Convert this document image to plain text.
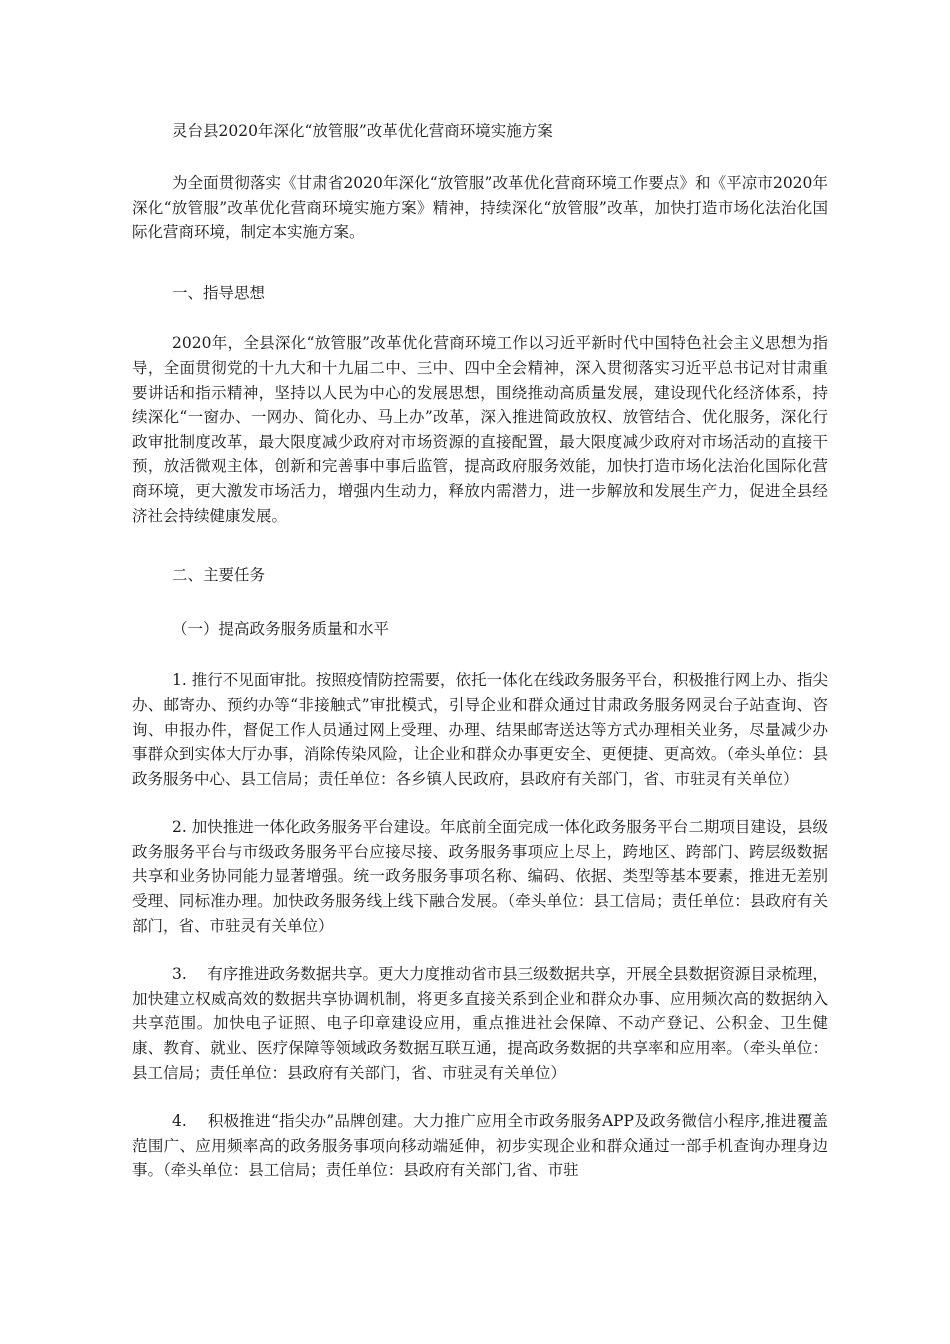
灵台县2020年深化“放管服”改革优化营商环境实施方案

为全面贯彻落实《甘肃省2020年深化“放管服”改革优化营商环境工作要点》和《平凉市2020年深化“放管服”改革优化营商环境实施方案》精神，持续深化“放管服”改革，加快打造市场化法治化国际化营商环境，制定本实施方案。

一、指导思想

2020年，全县深化“放管服”改革优化营商环境工作以习近平新时代中国特色社会主义思想为指导，全面贯彻党的十九大和十九届二中、三中、四中全会精神，深入贯彻落实习近平总书记对甘肃重要讲话和指示精神，坚持以人民为中心的发展思想，围绕推动高质量发展，建设现代化经济体系，持续深化“一窗办、一网办、简化办、马上办”改革，深入推进简政放权、放管结合、优化服务，深化行政审批制度改革，最大限度减少政府对市场资源的直接配置，最大限度减少政府对市场活动的直接干预，放活微观主体，创新和完善事中事后监管，提高政府服务效能，加快打造市场化法治化国际化营商环境，更大激发市场活力，增强内生动力，释放内需潜力，进一步解放和发展生产力，促进全县经济社会持续健康发展。

二、主要任务

（一）提高政务服务质量和水平

1. 推行不见面审批。按照疫情防控需要，依托一体化在线政务服务平台，积极推行网上办、指尖办、邮寄办、预约办等“非接触式”审批模式，引导企业和群众通过甘肃政务服务网灵台子站查询、咨询、申报办件，督促工作人员通过网上受理、办理、结果邮寄送达等方式办理相关业务，尽量减少办事群众到实体大厅办事，消除传染风险，让企业和群众办事更安全、更便捷、更高效。（牵头单位：县政务服务中心、县工信局；责任单位：各乡镇人民政府，县政府有关部门，省、市驻灵有关单位）

2. 加快推进一体化政务服务平台建设。年底前全面完成一体化政务服务平台二期项目建设，县级政务服务平台与市级政务服务平台应接尽接、政务服务事项应上尽上，跨地区、跨部门、跨层级数据共享和业务协同能力显著增强。统一政务服务事项名称、编码、依据、类型等基本要素，推进无差别受理、同标准办理。加快政务服务线上线下融合发展。（牵头单位：县工信局；责任单位：县政府有关部门，省、市驻灵有关单位）

3.　 有序推进政务数据共享。更大力度推动省市县三级数据共享，开展全县数据资源目录梳理，加快建立权威高效的数据共享协调机制，将更多直接关系到企业和群众办事、应用频次高的数据纳入共享范围。加快电子证照、电子印章建设应用，重点推进社会保障、不动产登记、公积金、卫生健康、教育、就业、医疗保障等领域政务数据互联互通，提高政务数据的共享率和应用率。（牵头单位：县工信局；责任单位：县政府有关部门，省、市驻灵有关单位）

4.　 积极推进“指尖办”品牌创建。大力推广应用全市政务服务APP及政务微信小程序,推进覆盖范围广、应用频率高的政务服务事项向移动端延伸，初步实现企业和群众通过一部手机查询办理身边事。（牵头单位：县工信局；责任单位：县政府有关部门,省、市驻
